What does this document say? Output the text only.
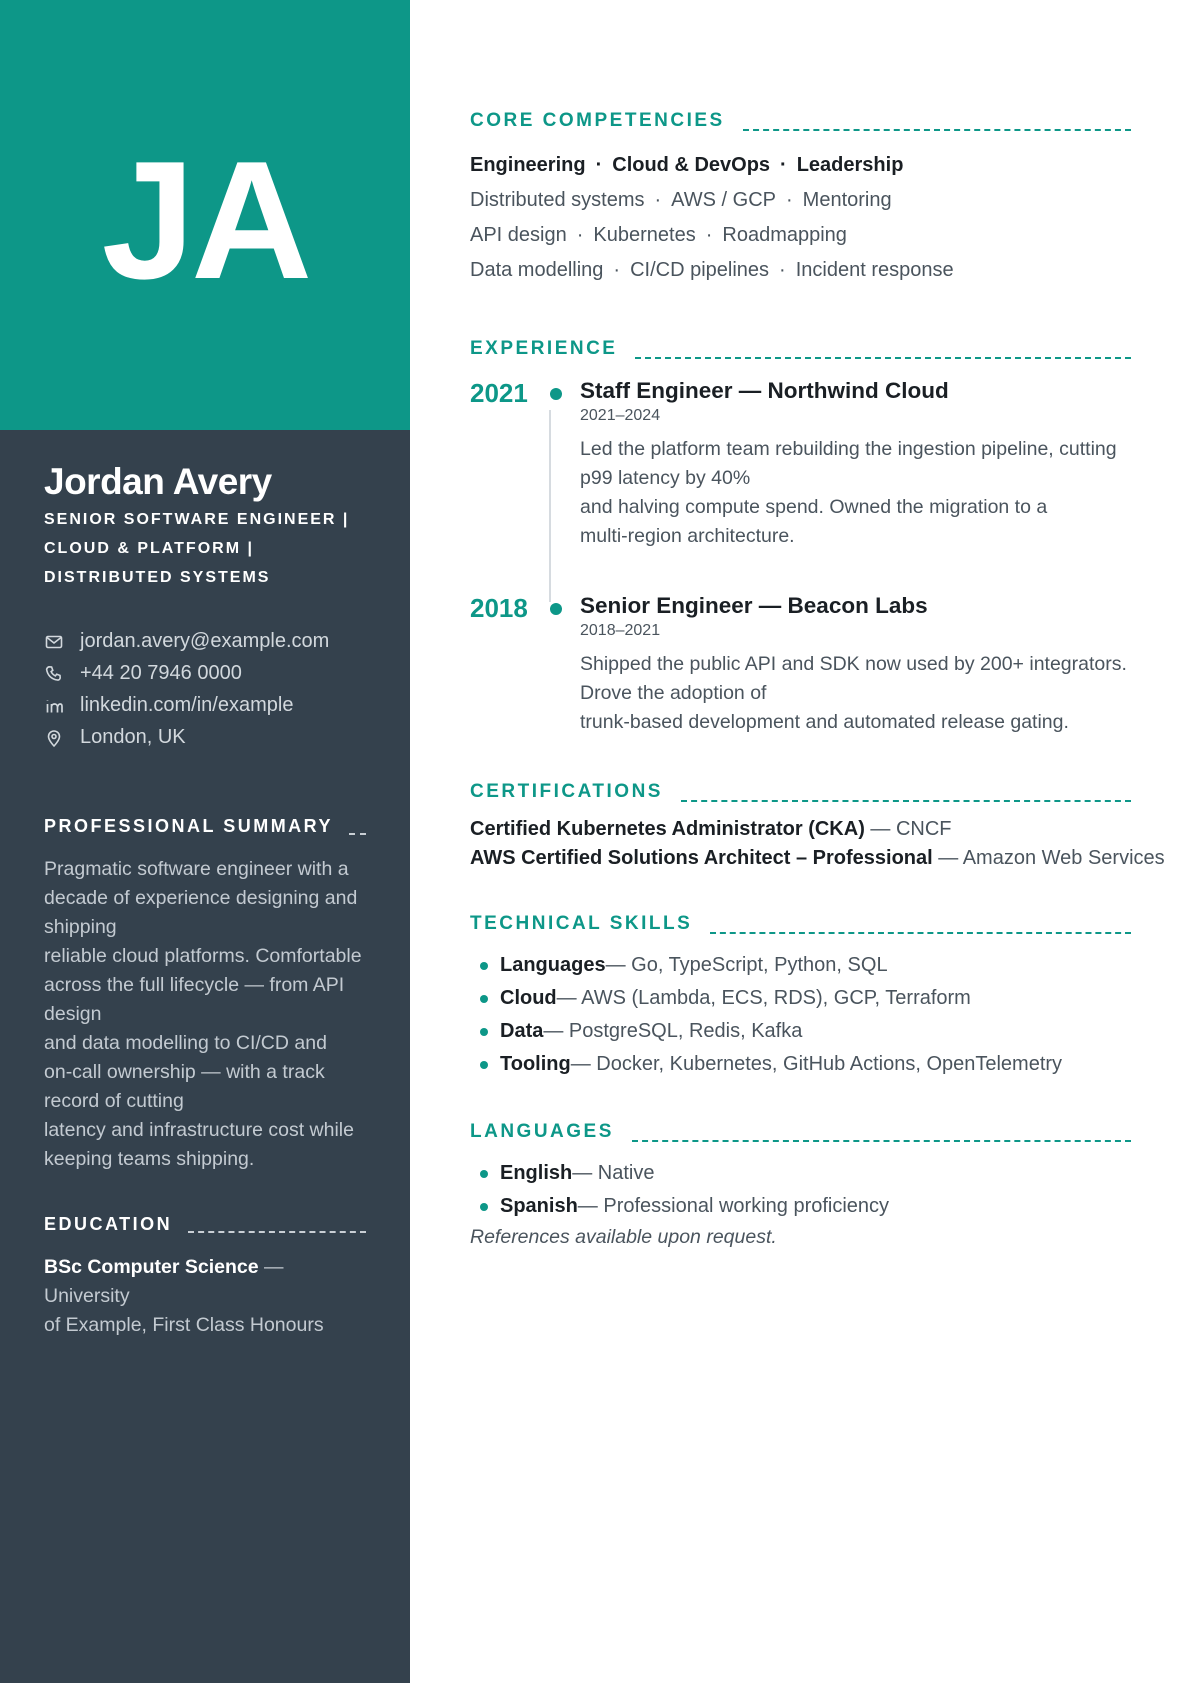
JA
Jordan Avery
SENIOR SOFTWARE ENGINEER | CLOUD & PLATFORM | DISTRIBUTED SYSTEMS
jordan.avery@example.com
+44 20 7946 0000
linkedin.com/in/example
London, UK
PROFESSIONAL SUMMARY
Pragmatic software engineer with a
decade of experience designing and
shipping
reliable cloud platforms. Comfortable
across the full lifecycle — from API
design
and data modelling to CI/CD and
on-call ownership — with a track
record of cutting
latency and infrastructure cost while
keeping teams shipping.
EDUCATION
BSc Computer Science — University
of Example, First Class Honours
CORE COMPETENCIES
Engineering · Cloud & DevOps · Leadership
Distributed systems · AWS / GCP · Mentoring
API design · Kubernetes · Roadmapping
Data modelling · CI/CD pipelines · Incident response
EXPERIENCE
2021	Staff Engineer — Northwind Cloud
2021–2024
Led the platform team rebuilding the ingestion pipeline, cutting
p99 latency by 40%
and halving compute spend. Owned the migration to a
multi-region architecture.
2018	Senior Engineer — Beacon Labs
2018–2021
Shipped the public API and SDK now used by 200+ integrators.
Drove the adoption of
trunk-based development and automated release gating.
CERTIFICATIONS
Certified Kubernetes Administrator (CKA) — CNCF
AWS Certified Solutions Architect – Professional — Amazon Web Services
TECHNICAL SKILLS
Languages — Go, TypeScript, Python, SQL
Cloud — AWS (Lambda, ECS, RDS), GCP, Terraform
Data — PostgreSQL, Redis, Kafka
Tooling — Docker, Kubernetes, GitHub Actions, OpenTelemetry
LANGUAGES
English — Native
Spanish — Professional working proficiency
References available upon request.
